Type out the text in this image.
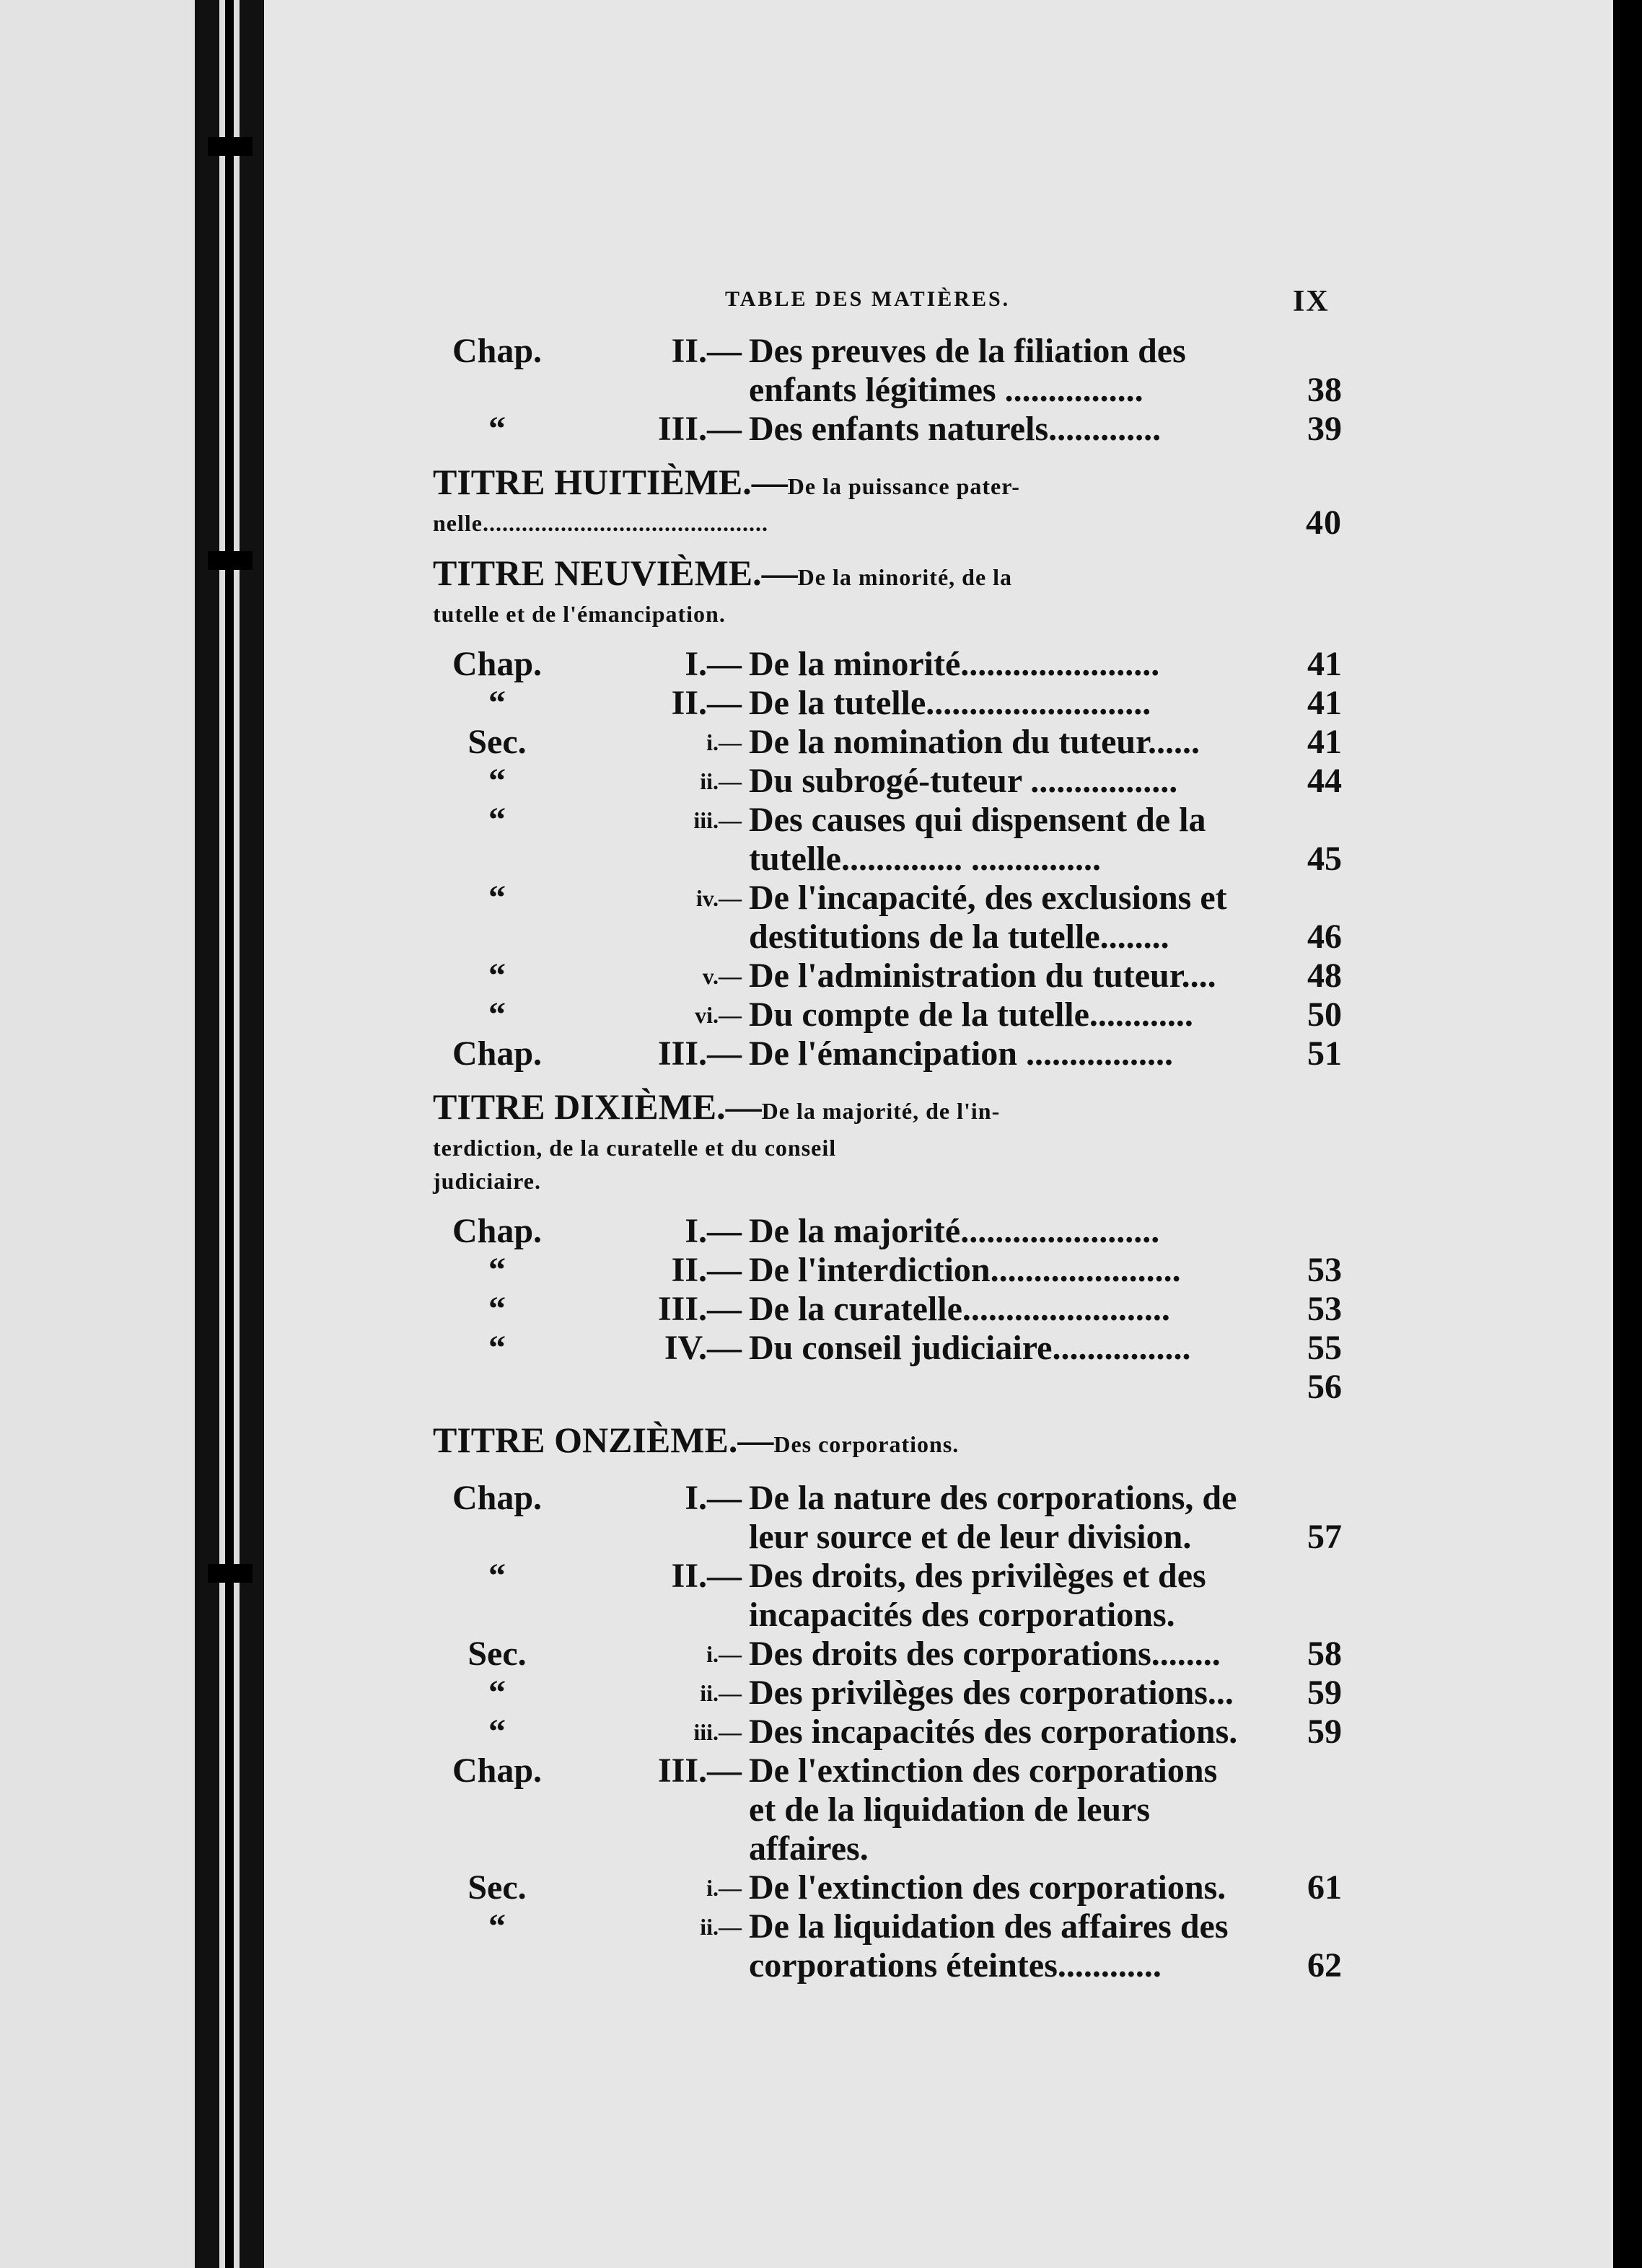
TABLE DES MATIÈRES.	IX
Chap.	II.— Des preuves de la filiation des
enfants légitimes ................	38
“	III.— Des enfants naturels.............	39
TITRE HUITIÈME.—De la puissance pater-
nelle............................................	40
TITRE NEUVIÈME.—De la minorité, de la
tutelle et de l'émancipation.
Chap.	I.— De la minorité.......................	41
“	II.— De la tutelle..........................	41
Sec.	i.— De la nomination du tuteur......	41
“	ii.— Du subrogé-tuteur .................	44
“	iii.— Des causes qui dispensent de la
tutelle.............. ...............	45
“	iv.— De l'incapacité, des exclusions et
destitutions de la tutelle........	46
“	v.— De l'administration du tuteur....	48
“	vi.— Du compte de la tutelle............	50
Chap.	III.— De l'émancipation .................	51
TITRE DIXIÈME.—De la majorité, de l'in-
terdiction, de la curatelle et du conseil
judiciaire.
Chap.	I.— De la majorité.......................
“	II.— De l'interdiction......................	53
“	III.— De la curatelle........................	53
“	IV.— Du conseil judiciaire................	55
56
TITRE ONZIÈME.—Des corporations.
Chap.	I.— De la nature des corporations, de
leur source et de leur division.	57
“	II.— Des droits, des privilèges et des
incapacités des corporations.
Sec.	i.— Des droits des corporations........	58
“	ii.— Des privilèges des corporations...	59
“	iii.— Des incapacités des corporations.	59
Chap.	III.— De l'extinction des corporations
et de la liquidation de leurs
affaires.
Sec.	i.— De l'extinction des corporations.	61
“	ii.— De la liquidation des affaires des
corporations éteintes............	62
